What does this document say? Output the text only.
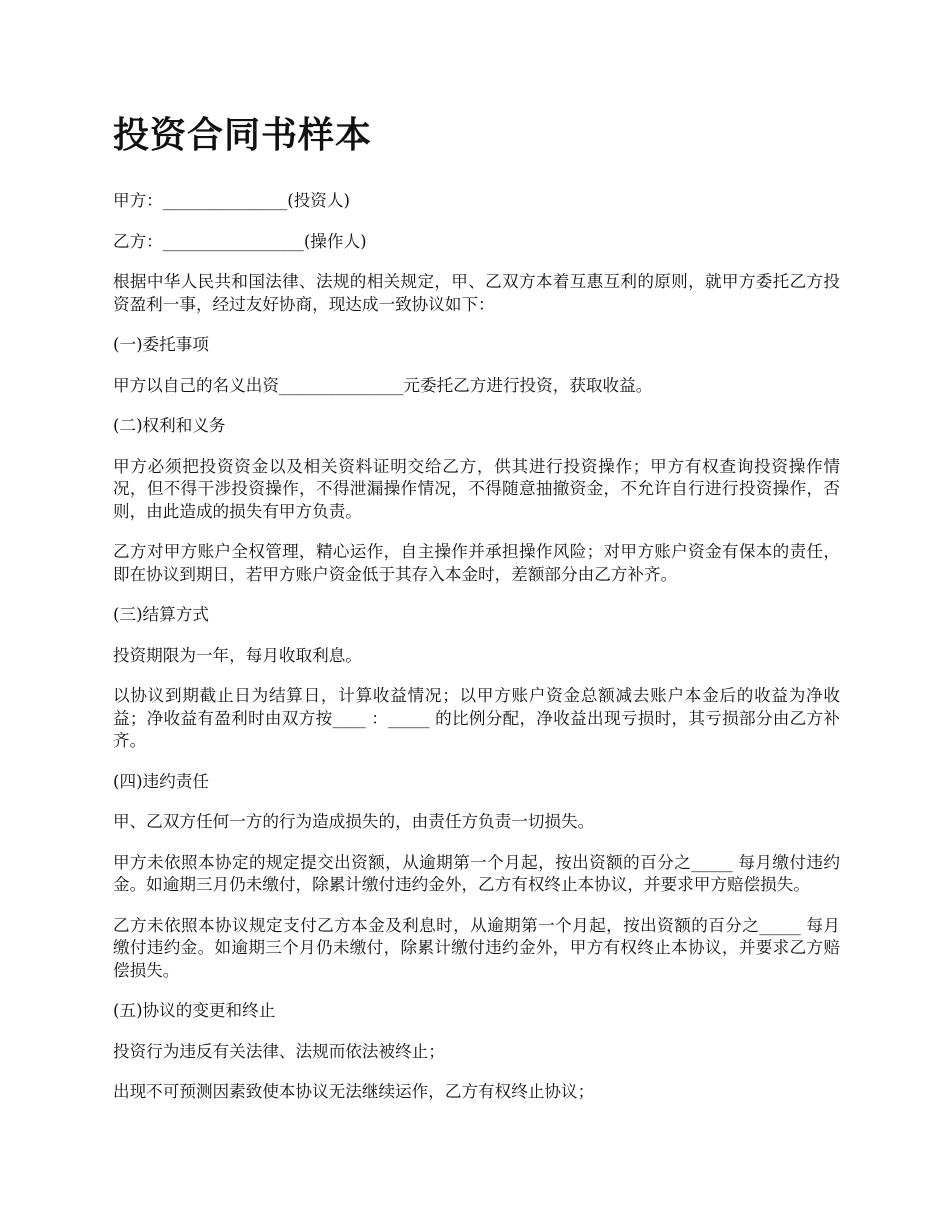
投资合同书样本

甲方：_______________(投资人)

乙方：_________________(操作人)

根据中华人民共和国法律、法规的相关规定，甲、乙双方本着互惠互利的原则，就甲方委托乙方投资盈利一事，经过友好协商，现达成一致协议如下：

(一)委托事项

甲方以自己的名义出资_______________元委托乙方进行投资，获取收益。

(二)权利和义务

甲方必须把投资资金以及相关资料证明交给乙方，供其进行投资操作；甲方有权查询投资操作情况，但不得干涉投资操作，不得泄漏操作情况，不得随意抽撤资金，不允许自行进行投资操作，否则，由此造成的损失有甲方负责。

乙方对甲方账户全权管理，精心运作，自主操作并承担操作风险；对甲方账户资金有保本的责任，即在协议到期日，若甲方账户资金低于其存入本金时，差额部分由乙方补齐。

(三)结算方式

投资期限为一年，每月收取利息。

以协议到期截止日为结算日，计算收益情况；以甲方账户资金总额减去账户本金后的收益为净收益；净收益有盈利时由双方按____ ：_____ 的比例分配，净收益出现亏损时，其亏损部分由乙方补齐。

(四)违约责任

甲、乙双方任何一方的行为造成损失的，由责任方负责一切损失。

甲方未依照本协定的规定提交出资额，从逾期第一个月起，按出资额的百分之_____ 每月缴付违约金。如逾期三月仍未缴付，除累计缴付违约金外，乙方有权终止本协议，并要求甲方赔偿损失。

乙方未依照本协议规定支付乙方本金及利息时，从逾期第一个月起，按出资额的百分之_____ 每月缴付违约金。如逾期三个月仍未缴付，除累计缴付违约金外，甲方有权终止本协议，并要求乙方赔偿损失。

(五)协议的变更和终止

投资行为违反有关法律、法规而依法被终止；

出现不可预测因素致使本协议无法继续运作，乙方有权终止协议；
